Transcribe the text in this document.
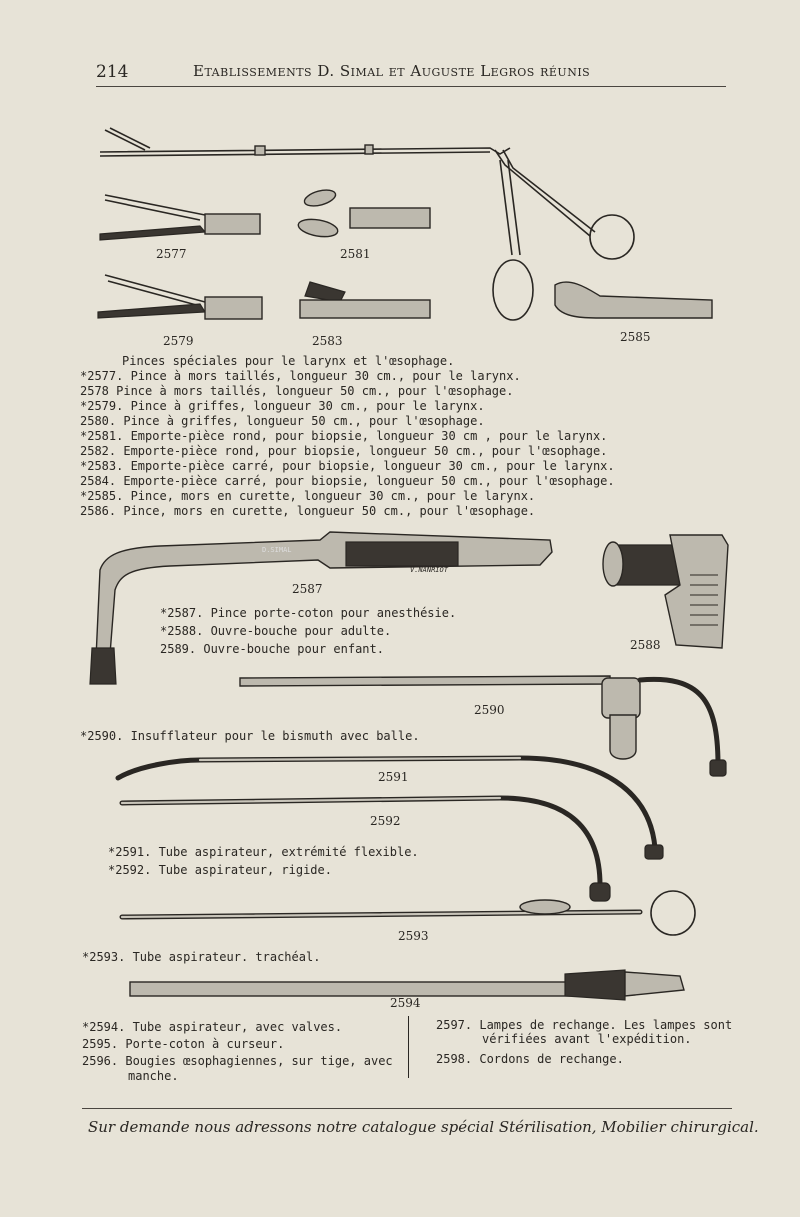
214	Etablissements D. Simal et Auguste Legros réunis
2577	2581
2579	2583	2585
D.SIMAL
V.NANRIOT
2587
2588
2590
2591
2592
2593
2594
Pinces spéciales pour le larynx et l'œsophage.
*2577. Pince à mors taillés, longueur 30 cm., pour le larynx.
2578 Pince à mors taillés, longueur 50 cm., pour l'œsophage.
*2579. Pince à griffes, longueur 30 cm., pour le larynx.
2580. Pince à griffes, longueur 50 cm., pour l'œsophage.
*2581. Emporte-pièce rond, pour biopsie, longueur 30 cm , pour le larynx.
2582. Emporte-pièce rond, pour biopsie, longueur 50 cm., pour l'œsophage.
*2583. Emporte-pièce carré, pour biopsie, longueur 30 cm., pour le larynx.
2584. Emporte-pièce carré, pour biopsie, longueur 50 cm., pour l'œsophage.
*2585. Pince, mors en curette, longueur 30 cm., pour le larynx.
2586. Pince, mors en curette, longueur 50 cm., pour l'œsophage.
*2587. Pince porte-coton pour anesthésie.
*2588. Ouvre-bouche pour adulte.
2589. Ouvre-bouche pour enfant.
*2590. Insufflateur pour le bismuth avec balle.
*2591. Tube aspirateur, extrémité flexible.
*2592. Tube aspirateur, rigide.
*2593. Tube aspirateur. trachéal.
*2594. Tube aspirateur, avec valves.
2595. Porte-coton à curseur.
2596. Bougies œsophagiennes, sur tige, avec
manche.
2597. Lampes de rechange. Les lampes sont
vérifiées avant l'expédition.
2598. Cordons de rechange.
Sur demande nous adressons notre catalogue spécial Stérilisation, Mobilier chirurgical.
